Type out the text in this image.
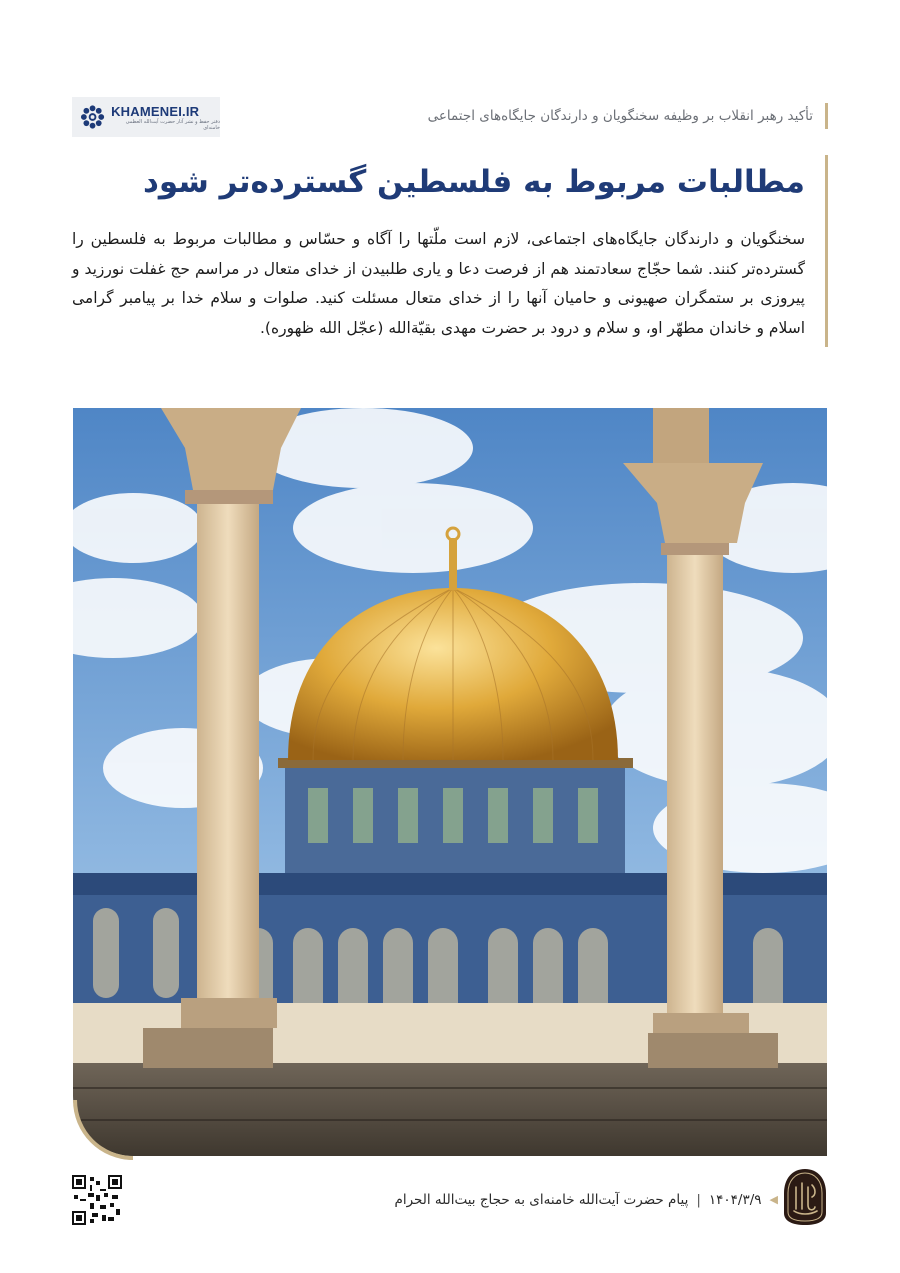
KHAMENEI.IR
دفتر حفظ و نشر آثار حضرت آیت‌الله العظمی خامنه‌ای
تأکید رهبر انقلاب بر وظیفه سخنگویان و دارندگان جایگاه‌های اجتماعی
مطالبات مربوط به فلسطین گسترده‌تر شود

سخنگویان و دارندگان جایگاه‌های اجتماعی، لازم است ملّتها را آگاه و حسّاس و مطالبات مربوط به فلسطین را گسترده‌تر کنند. شما حجّاج سعادتمند هم از فرصت دعا و یاری طلبیدن از خدای متعال در مراسم حج غفلت نورزید و پیروزی بر ستمگران صهیونی و حامیان آنها را از خدای متعال مسئلت کنید. صلوات و سلام خدا بر پیامبر گرامی اسلام و خاندان مطهّر او، و سلام و درود بر حضرت مهدی بقیّة‌الله (عجّل الله ظهوره).

◀
۱۴۰۴/۳/۹
|
پیام حضرت آیت‌الله خامنه‌ای به حجاج بیت‌الله الحرام
